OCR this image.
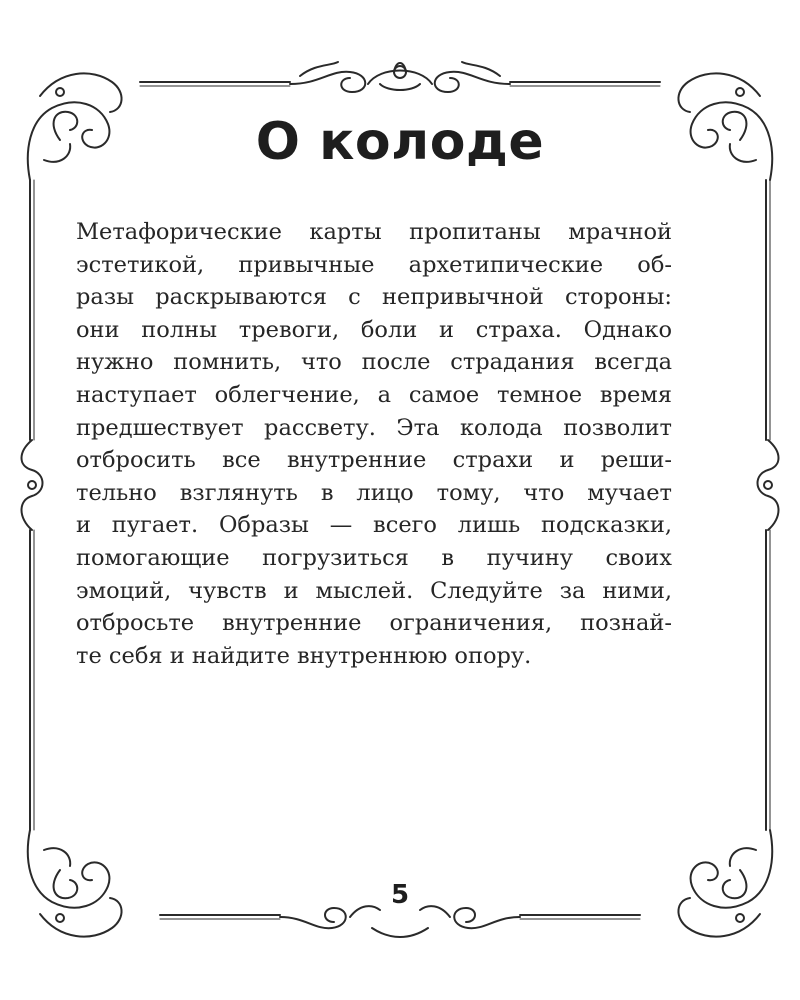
О колоде
Метафорические карты пропитаны мрачной
эстетикой, привычные архетипические об-
разы раскрываются с непривычной стороны:
они полны тревоги, боли и страха. Однако
нужно помнить, что после страдания всегда
наступает облегчение, а самое темное время
предшествует рассвету. Эта колода позволит
отбросить все внутренние страхи и реши-
тельно взглянуть в лицо тому, что мучает
и пугает. Образы — всего лишь подсказки,
помогающие погрузиться в пучину своих
эмоций, чувств и мыслей. Следуйте за ними,
отбросьте внутренние ограничения, познай-
те себя и найдите внутреннюю опору.
5
